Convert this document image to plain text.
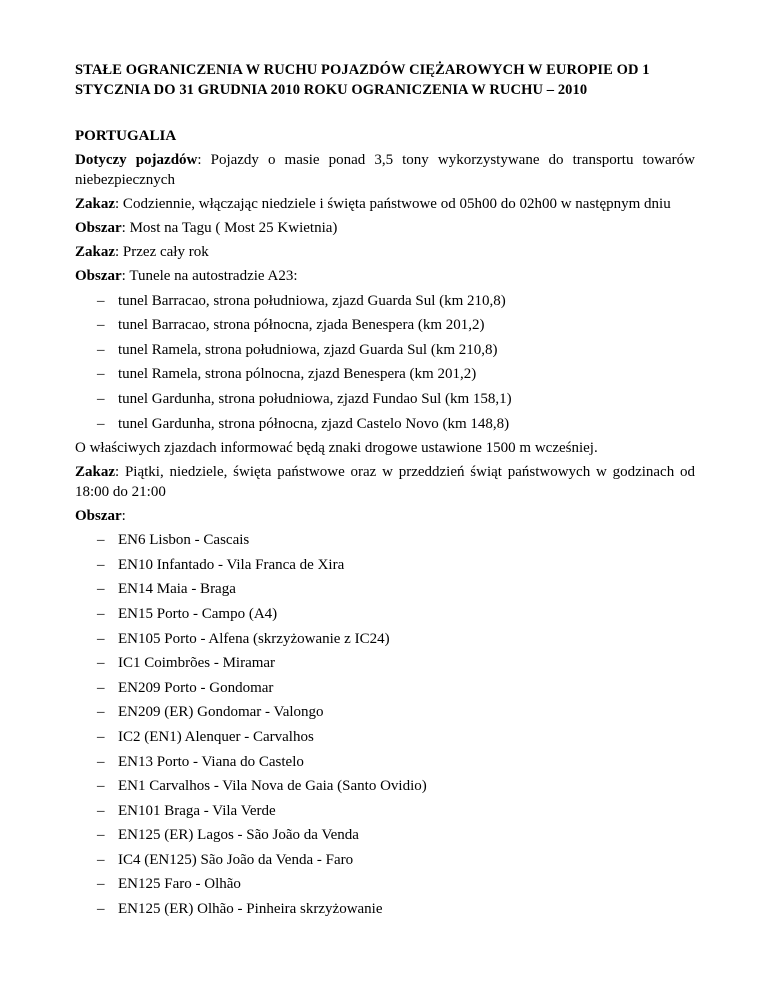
STAŁE OGRANICZENIA W RUCHU POJAZDÓW CIĘŻAROWYCH W EUROPIE OD 1 STYCZNIA DO 31 GRUDNIA 2010 ROKU OGRANICZENIA W RUCHU – 2010

PORTUGALIA

Dotyczy pojazdów: Pojazdy o masie ponad 3,5 tony wykorzystywane do transportu towarów niebezpiecznych

Zakaz: Codziennie, włączając niedziele i święta państwowe od 05h00 do 02h00 w następnym dniu

Obszar: Most na Tagu ( Most 25 Kwietnia)

Zakaz: Przez cały rok

Obszar: Tunele na autostradzie A23:

– tunel Barracao, strona południowa, zjazd Guarda Sul (km 210,8)
– tunel Barracao, strona północna, zjada Benespera (km 201,2)
– tunel Ramela, strona południowa, zjazd Guarda Sul (km 210,8)
– tunel Ramela, strona pólnocna, zjazd Benespera (km 201,2)
– tunel Gardunha, strona południowa, zjazd Fundao Sul (km 158,1)
– tunel Gardunha, strona północna, zjazd Castelo Novo (km 148,8)

O właściwych zjazdach informować będą znaki drogowe ustawione 1500 m wcześniej.

Zakaz: Piątki, niedziele, święta państwowe oraz w przeddzień świąt państwowych w godzinach od 18:00 do 21:00

Obszar:

– EN6 Lisbon - Cascais
– EN10 Infantado - Vila Franca de Xira
– EN14 Maia - Braga
– EN15 Porto - Campo (A4)
– EN105 Porto - Alfena (skrzyżowanie z IC24)
– IC1 Coimbrões - Miramar
– EN209 Porto - Gondomar
– EN209 (ER) Gondomar - Valongo
– IC2 (EN1) Alenquer - Carvalhos
– EN13 Porto - Viana do Castelo
– EN1 Carvalhos - Vila Nova de Gaia (Santo Ovidio)
– EN101 Braga - Vila Verde
– EN125 (ER) Lagos - São João da Venda
– IC4 (EN125) São João da Venda - Faro
– EN125 Faro - Olhão
– EN125 (ER) Olhão - Pinheira skrzyżowanie
